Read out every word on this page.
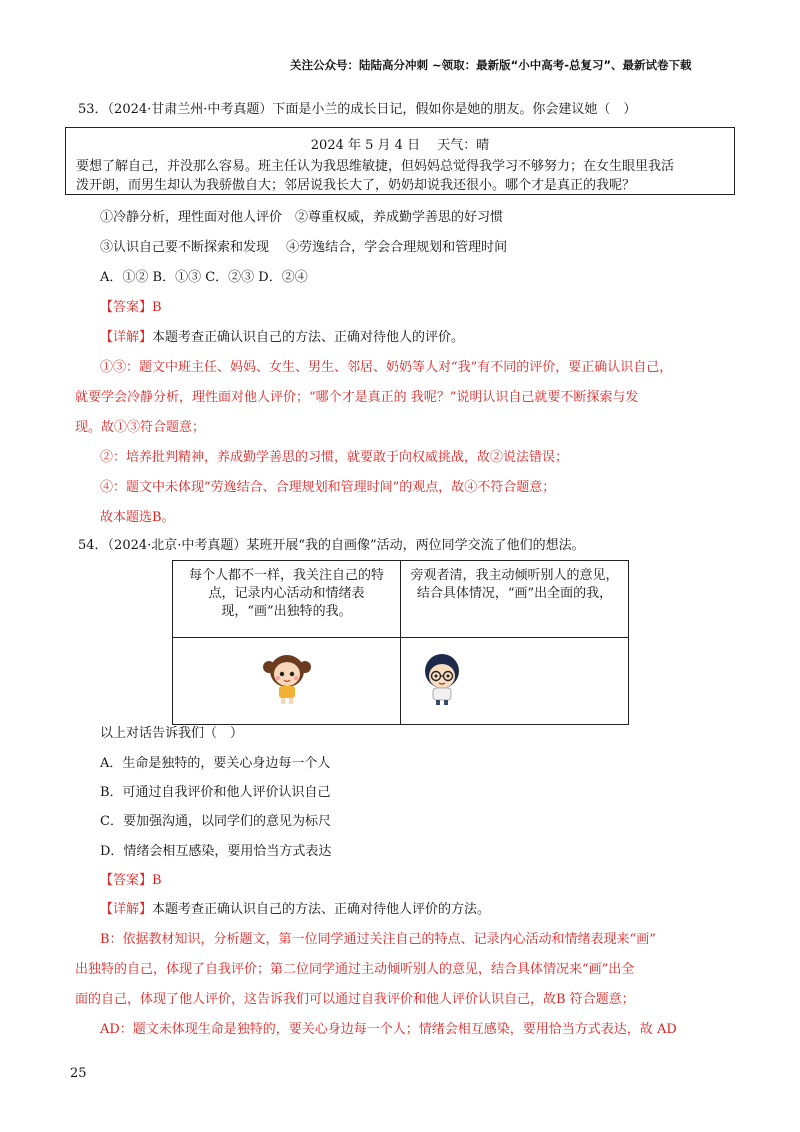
关注公众号：陆陆高分冲刺 ~领取：最新版“小中高考-总复习”、最新试卷下载
53．（2024·甘肃兰州·中考真题）下面是小兰的成长日记，假如你是她的朋友。你会建议她（　）
2024 年 5 月 4 日　 天气：晴
要想了解自己，并没那么容易。班主任认为我思维敏捷，但妈妈总觉得我学习不够努力；在女生眼里我活
泼开朗，而男生却认为我骄傲自大；邻居说我长大了，奶奶却说我还很小。哪个才是真正的我呢？
①冷静分析，理性面对他人评价　②尊重权威，养成勤学善思的好习惯
③认识自己要不断探索和发现　 ④劳逸结合，学会合理规划和管理时间
A．①② B．①③ C．②③ D．②④
【答案】B
【详解】本题考查正确认识自己的方法、正确对待他人的评价。
①③：题文中班主任、妈妈、女生、男生、邻居、奶奶等人对“我”有不同的评价，要正确认识自己，
就要学会冷静分析，理性面对他人评价；“哪个才是真正的 我呢？”说明认识自己就要不断探索与发
现。故①③符合题意；
②：培养批判精神，养成勤学善思的习惯，就要敢于向权威挑战，故②说法错误；
④：题文中未体现“劳逸结合、合理规划和管理时间”的观点，故④不符合题意；
故本题选B。
54．（2024·北京·中考真题）某班开展“我的自画像”活动，两位同学交流了他们的想法。
每个人都不一样，我关注自己的特点，记录内心活动和情绪表现，“画”出独特的我。	旁观者清，我主动倾听别人的意见，结合具体情况，“画”出全面的我，

以上对话告诉我们（　）
A．生命是独特的，要关心身边每一个人
B．可通过自我评价和他人评价认识自己
C．要加强沟通，以同学们的意见为标尺
D．情绪会相互感染，要用恰当方式表达
【答案】B
【详解】本题考查正确认识自己的方法、正确对待他人评价的方法。
B：依据教材知识，分析题文，第一位同学通过关注自己的特点、记录内心活动和情绪表现来“画”
出独特的自己，体现了自我评价；第二位同学通过主动倾听别人的意见，结合具体情况来“画”出全
面的自己，体现了他人评价，这告诉我们可以通过自我评价和他人评价认识自己，故B 符合题意；
AD：题文未体现生命是独特的，要关心身边每一个人；情绪会相互感染，要用恰当方式表达，故 AD
25
